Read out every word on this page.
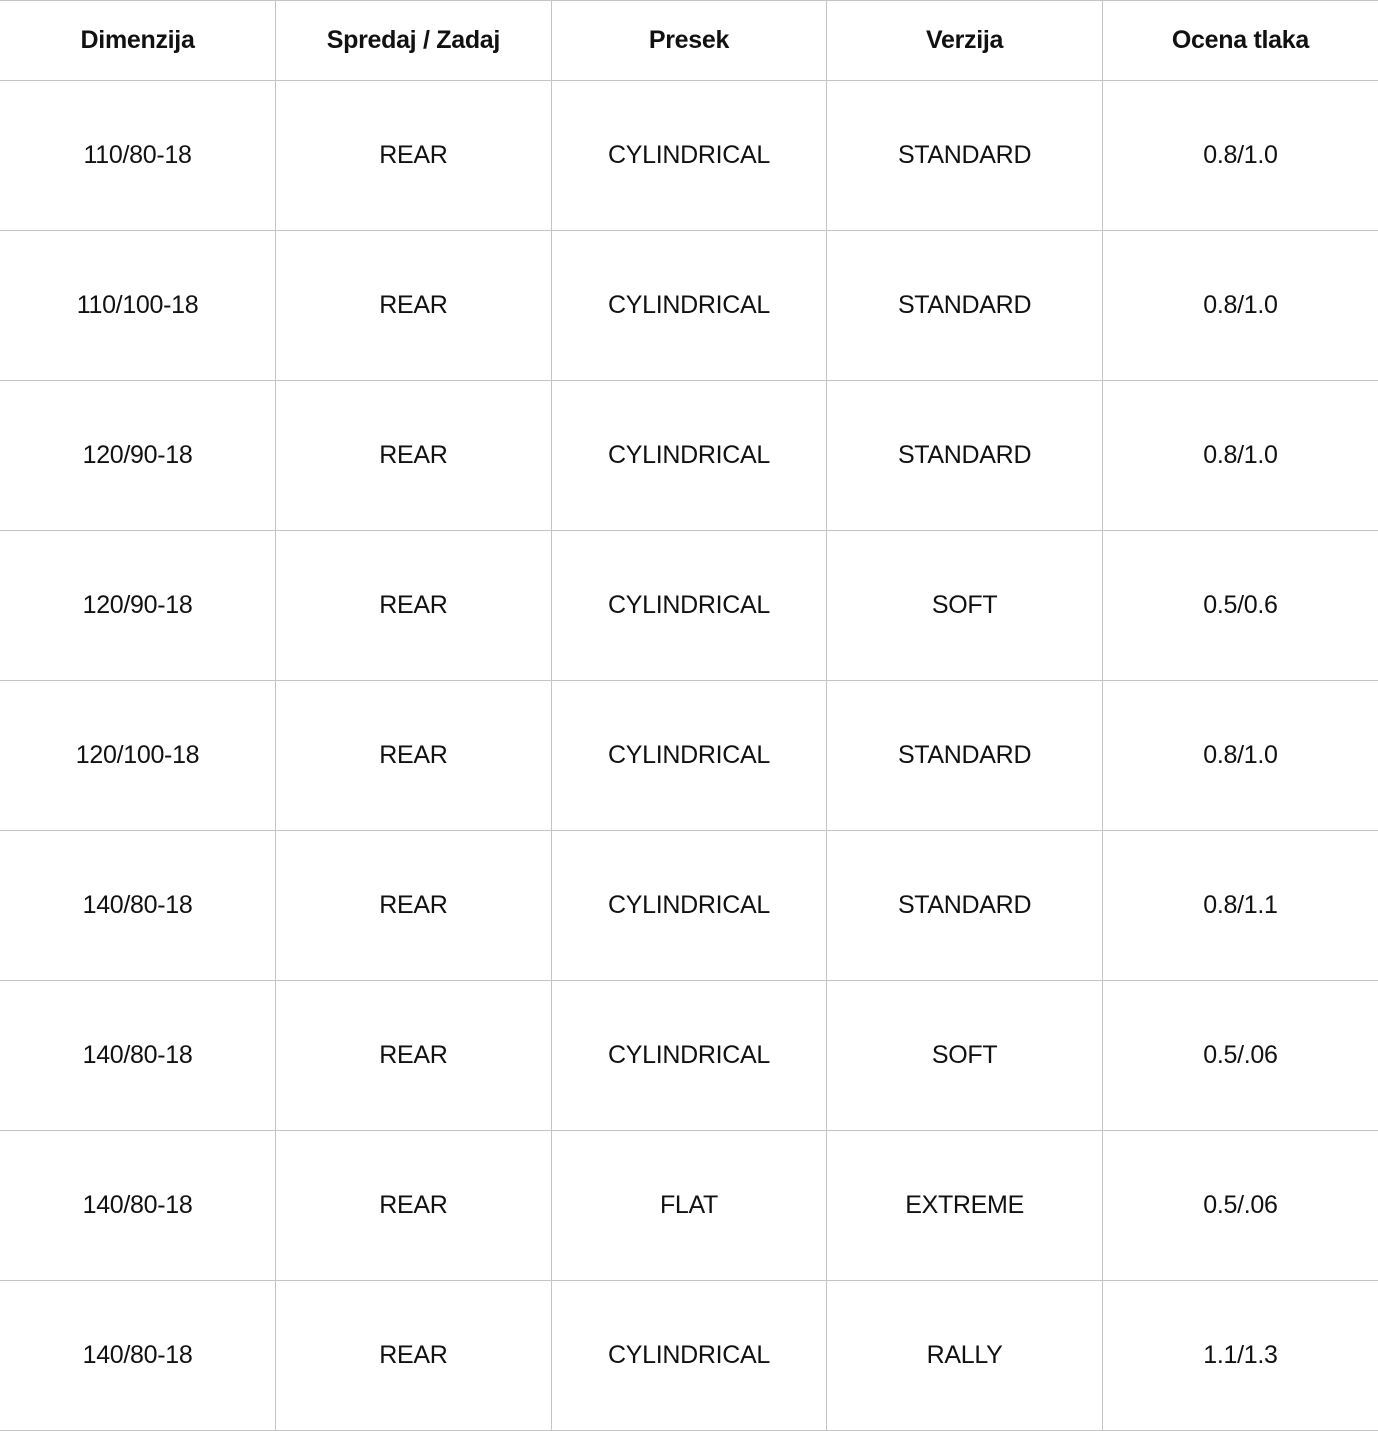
Dimenzija	Spredaj / Zadaj	Presek	Verzija	Ocena tlaka
110/80-18	REAR	CYLINDRICAL	STANDARD	0.8/1.0
110/100-18	REAR	CYLINDRICAL	STANDARD	0.8/1.0
120/90-18	REAR	CYLINDRICAL	STANDARD	0.8/1.0
120/90-18	REAR	CYLINDRICAL	SOFT	0.5/0.6
120/100-18	REAR	CYLINDRICAL	STANDARD	0.8/1.0
140/80-18	REAR	CYLINDRICAL	STANDARD	0.8/1.1
140/80-18	REAR	CYLINDRICAL	SOFT	0.5/.06
140/80-18	REAR	FLAT	EXTREME	0.5/.06
140/80-18	REAR	CYLINDRICAL	RALLY	1.1/1.3
